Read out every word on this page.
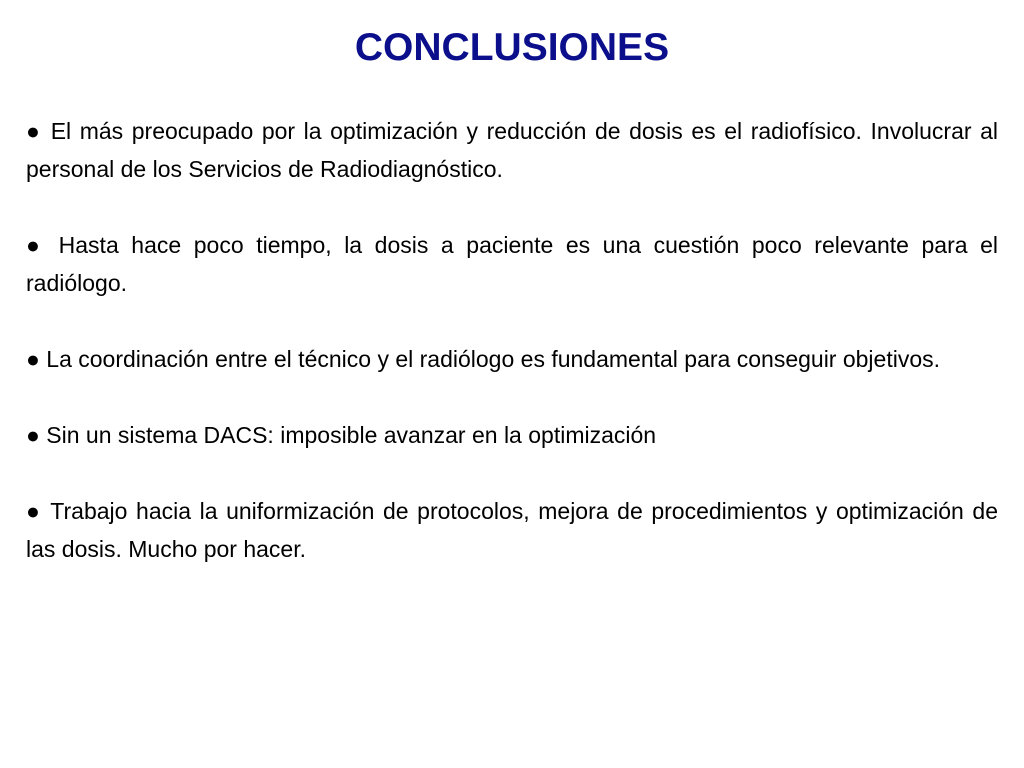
CONCLUSIONES
● El más preocupado por la optimización y reducción de dosis es el radiofísico. Involucrar al personal de los Servicios de Radiodiagnóstico.
● Hasta hace poco tiempo, la dosis a paciente es una cuestión poco relevante para el radiólogo.
● La coordinación entre el técnico y el radiólogo es fundamental para conseguir objetivos.
● Sin un sistema DACS: imposible avanzar en la optimización
● Trabajo hacia la uniformización de protocolos, mejora de procedimientos y optimización de las dosis. Mucho por hacer.
